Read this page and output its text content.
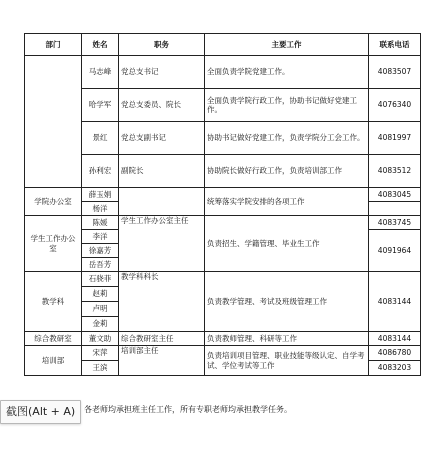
部门	姓名	职务	主要工作	联系电话
	马志峰	党总支书记	全面负责学院党建工作。	4083507
	哈学军	党总支委员、院长	全面负责学院行政工作，协助书记做好党建工作。	4076340
	景红	党总支副书记	协助书记做好党建工作，负责学院分工会工作。	4081997
	孙利宏	副院长	协助院长做好行政工作，负责培训部工作	4083512
学院办公室	薛玉娟		统筹落实学院安排的各项工作	4083045
	杨洋			
学生工作办公室	陈媛	学生工作办公室主任	负责招生、学籍管理、毕业生工作	4083745
	李洋			4091964
	徐嘉芳			
	岳吾芳			
教学科	石骁菲	教学科科长	负责教学管理、考试及班级管理工作	4083144
	赵莉			
	卢明			
	金莉			
综合教研室	董文助	综合教研室主任	负责教师管理、科研等工作	4083144
培训部	宋萍	培训部主任	负责培训项目管理、职业技能等级认定、自学考试、学位考试等工作	4086780
	王滨			4083203
各老师均承担班主任工作，所有专职老师均承担教学任务。
截图(Alt + A)
